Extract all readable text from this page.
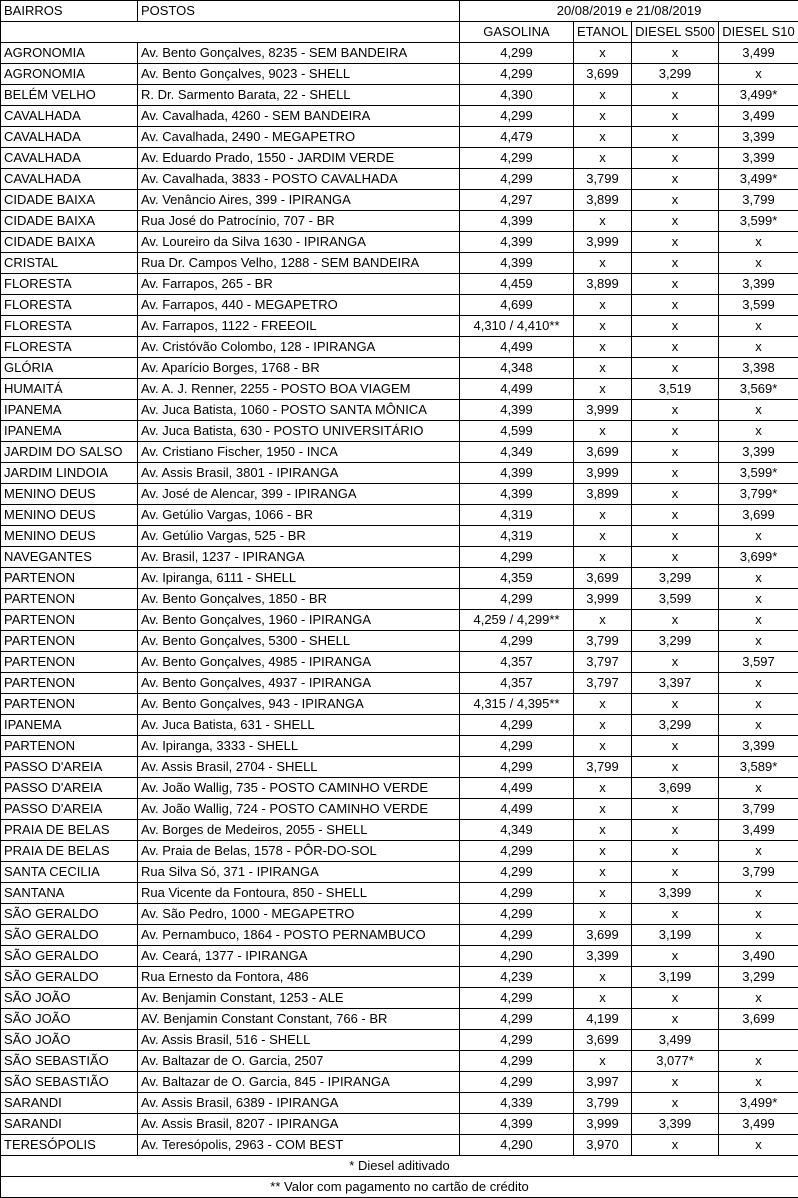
BAIRROS	POSTOS	20/08/2019 e 21/08/2019			
		GASOLINA	ETANOL	DIESEL S500	DIESEL S10
AGRONOMIA	Av. Bento Gonçalves, 8235 - SEM BANDEIRA	4,299	x	x	3,499
AGRONOMIA	Av. Bento Gonçalves, 9023 - SHELL	4,299	3,699	3,299	x
BELÉM VELHO	R. Dr. Sarmento Barata, 22 - SHELL	4,390	x	x	3,499*
CAVALHADA	Av. Cavalhada, 4260 - SEM BANDEIRA	4,299	x	x	3,499
CAVALHADA	Av. Cavalhada, 2490 - MEGAPETRO	4,479	x	x	3,399
CAVALHADA	Av. Eduardo Prado, 1550 - JARDIM VERDE	4,299	x	x	3,399
CAVALHADA	Av. Cavalhada, 3833 - POSTO CAVALHADA	4,299	3,799	x	3,499*
CIDADE BAIXA	Av. Venâncio Aires, 399 - IPIRANGA	4,297	3,899	x	3,799
CIDADE BAIXA	Rua José do Patrocínio, 707 - BR	4,399	x	x	3,599*
CIDADE BAIXA	Av. Loureiro da Silva 1630 - IPIRANGA	4,399	3,999	x	x
CRISTAL	Rua Dr. Campos Velho, 1288 - SEM BANDEIRA	4,399	x	x	x
FLORESTA	Av. Farrapos, 265 - BR	4,459	3,899	x	3,399
FLORESTA	Av. Farrapos, 440 - MEGAPETRO	4,699	x	x	3,599
FLORESTA	Av. Farrapos, 1122 - FREEOIL	4,310 / 4,410**	x	x	x
FLORESTA	Av. Cristóvão Colombo, 128 - IPIRANGA	4,499	x	x	x
GLÓRIA	Av. Aparício Borges, 1768 - BR	4,348	x	x	3,398
HUMAITÁ	Av. A. J. Renner, 2255 - POSTO BOA VIAGEM	4,499	x	3,519	3,569*
IPANEMA	Av. Juca Batista, 1060 - POSTO SANTA MÔNICA	4,399	3,999	x	x
IPANEMA	Av. Juca Batista, 630 - POSTO UNIVERSITÁRIO	4,599	x	x	x
JARDIM DO SALSO	Av. Cristiano Fischer, 1950 - INCA	4,349	3,699	x	3,399
JARDIM LINDOIA	Av. Assis Brasil, 3801 - IPIRANGA	4,399	3,999	x	3,599*
MENINO DEUS	Av. José de Alencar, 399 - IPIRANGA	4,399	3,899	x	3,799*
MENINO DEUS	Av. Getúlio Vargas, 1066 - BR	4,319	x	x	3,699
MENINO DEUS	Av. Getúlio Vargas, 525 - BR	4,319	x	x	x
NAVEGANTES	Av. Brasil, 1237 - IPIRANGA	4,299	x	x	3,699*
PARTENON	Av. Ipiranga, 6111 - SHELL	4,359	3,699	3,299	x
PARTENON	Av. Bento Gonçalves, 1850 - BR	4,299	3,999	3,599	x
PARTENON	Av. Bento Gonçalves, 1960 - IPIRANGA	4,259 / 4,299**	x	x	x
PARTENON	Av. Bento Gonçalves, 5300 - SHELL	4,299	3,799	3,299	x
PARTENON	Av. Bento Gonçalves, 4985 - IPIRANGA	4,357	3,797	x	3,597
PARTENON	Av. Bento Gonçalves, 4937 - IPIRANGA	4,357	3,797	3,397	x
PARTENON	Av. Bento Gonçalves, 943 - IPIRANGA	4,315 / 4,395**	x	x	x
IPANEMA	Av. Juca Batista, 631 - SHELL	4,299	x	3,299	x
PARTENON	Av. Ipiranga, 3333 - SHELL	4,299	x	x	3,399
PASSO D'AREIA	Av. Assis Brasil, 2704 - SHELL	4,299	3,799	x	3,589*
PASSO D'AREIA	Av. João Wallig, 735 - POSTO CAMINHO VERDE	4,499	x	3,699	x
PASSO D'AREIA	Av. João Wallig, 724 - POSTO CAMINHO VERDE	4,499	x	x	3,799
PRAIA DE BELAS	Av. Borges de Medeiros, 2055 - SHELL	4,349	x	x	3,499
PRAIA DE BELAS	Av. Praia de Belas, 1578 - PÔR-DO-SOL	4,299	x	x	x
SANTA CECILIA	Rua Silva Só, 371 - IPIRANGA	4,299	x	x	3,799
SANTANA	Rua Vicente da Fontoura, 850 - SHELL	4,299	x	3,399	x
SÃO GERALDO	Av. São Pedro, 1000 - MEGAPETRO	4,299	x	x	x
SÃO GERALDO	Av. Pernambuco, 1864 - POSTO PERNAMBUCO	4,299	3,699	3,199	x
SÃO GERALDO	Av. Ceará, 1377 - IPIRANGA	4,290	3,399	x	3,490
SÃO GERALDO	Rua Ernesto da Fontora, 486	4,239	x	3,199	3,299
SÃO JOÃO	Av. Benjamin Constant, 1253 - ALE	4,299	x	x	x
SÃO JOÃO	AV. Benjamin Constant Constant, 766 - BR	4,299	4,199	x	3,699
SÃO JOÃO	Av. Assis Brasil, 516 - SHELL	4,299	3,699	3,499	
SÃO SEBASTIÃO	Av. Baltazar de O. Garcia, 2507	4,299	x	3,077*	x
SÃO SEBASTIÃO	Av. Baltazar de O. Garcia, 845 - IPIRANGA	4,299	3,997	x	x
SARANDI	Av. Assis Brasil, 6389 - IPIRANGA	4,339	3,799	x	3,499*
SARANDI	Av. Assis Brasil, 8207 - IPIRANGA	4,399	3,999	3,399	3,499
TERESÓPOLIS	Av. Teresópolis, 2963 - COM BEST	4,290	3,970	x	x
* Diesel aditivado					
** Valor com pagamento no cartão de crédito					
